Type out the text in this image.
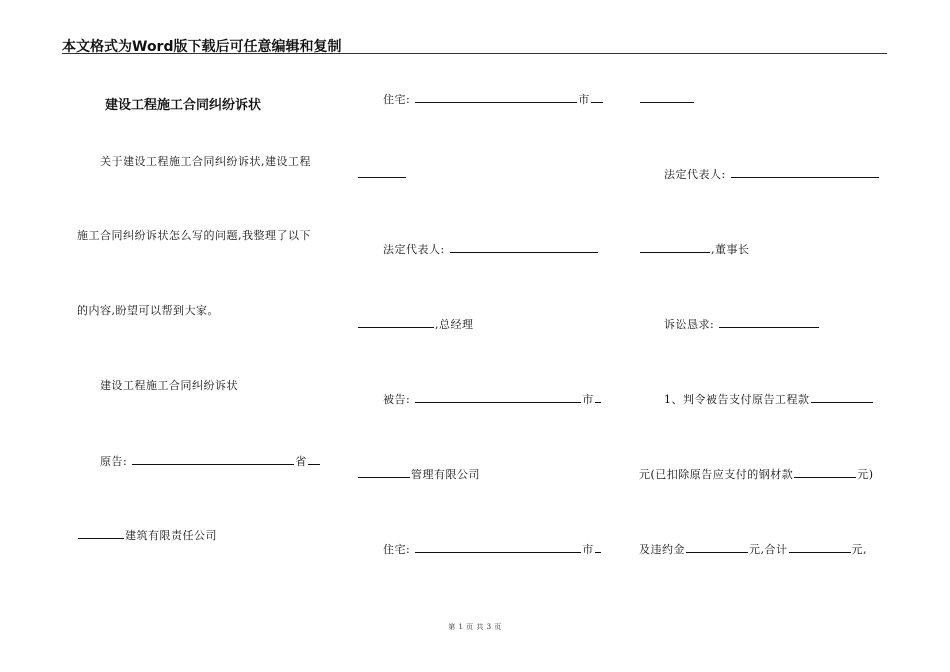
本文格式为Word版下载后可任意编辑和复制
建设工程施工合同纠纷诉状
关于建设工程施工合同纠纷诉状,建设工程
施工合同纠纷诉状怎么写的问题,我整理了以下
的内容,盼望可以帮到大家。
建设工程施工合同纠纷诉状
原告:	省
建筑有限责任公司
住宅:	市
法定代表人:
,总经理
被告:	市
管理有限公司
住宅:	市
法定代表人:
,董事长
诉讼恳求:
1、判令被告支付原告工程款
元(已扣除原告应支付的钢材款	元)
及违约金	元,合计	元,
第 1 页 共 3 页
